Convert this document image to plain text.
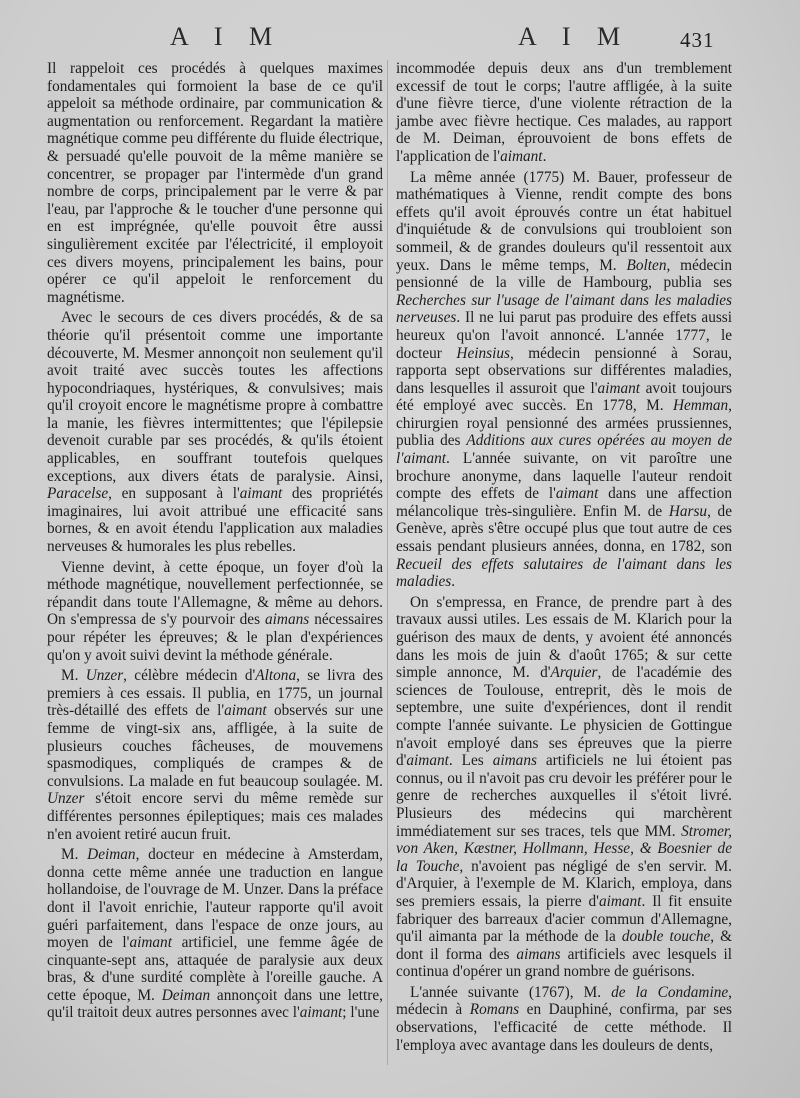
A I M	A I M 431

Il rappeloit ces procédés à quelques maximes fondamentales qui formoient la base de ce qu'il appeloit sa méthode ordinaire, par communication & augmentation ou renforcement. Regardant la matière magnétique comme peu différente du fluide électrique, & persuadé qu'elle pouvoit de la même manière se concentrer, se propager par l'intermède d'un grand nombre de corps, principalement par le verre & par l'eau, par l'approche & le toucher d'une personne qui en est imprégnée, qu'elle pouvoit être aussi singulièrement excitée par l'électricité, il employoit ces divers moyens, principalement les bains, pour opérer ce qu'il appeloit le renforcement du magnétisme.

Avec le secours de ces divers procédés, & de sa théorie qu'il présentoit comme une importante découverte, M. Mesmer annonçoit non seulement qu'il avoit traité avec succès toutes les affections hypocondriaques, hystériques, & convulsives; mais qu'il croyoit encore le magnétisme propre à combattre la manie, les fièvres intermittentes; que l'épilepsie devenoit curable par ses procédés, & qu'ils étoient applicables, en souffrant toutefois quelques exceptions, aux divers états de paralysie. Ainsi, Paracelse, en supposant à l'aimant des propriétés imaginaires, lui avoit attribué une efficacité sans bornes, & en avoit étendu l'application aux maladies nerveuses & humorales les plus rebelles.

Vienne devint, à cette époque, un foyer d'où la méthode magnétique, nouvellement perfectionnée, se répandit dans toute l'Allemagne, & même au dehors. On s'empressa de s'y pourvoir des aimans nécessaires pour répéter les épreuves; & le plan d'expériences qu'on y avoit suivi devint la méthode générale.

M. Unzer, célèbre médecin d'Altona, se livra des premiers à ces essais. Il publia, en 1775, un journal très-détaillé des effets de l'aimant observés sur une femme de vingt-six ans, affligée, à la suite de plusieurs couches fâcheuses, de mouvemens spasmodiques, compliqués de crampes & de convulsions. La malade en fut beaucoup soulagée. M. Unzer s'étoit encore servi du même remède sur différentes personnes épileptiques; mais ces malades n'en avoient retiré aucun fruit.

M. Deiman, docteur en médecine à Amsterdam, donna cette même année une traduction en langue hollandoise, de l'ouvrage de M. Unzer. Dans la préface dont il l'avoit enrichie, l'auteur rapporte qu'il avoit guéri parfaitement, dans l'espace de onze jours, au moyen de l'aimant artificiel, une femme âgée de cinquante-sept ans, attaquée de paralysie aux deux bras, & d'une surdité complète à l'oreille gauche. A cette époque, M. Deiman annonçoit dans une lettre, qu'il traitoit deux autres personnes avec l'aimant; l'une

incommodée depuis deux ans d'un tremblement excessif de tout le corps; l'autre affligée, à la suite d'une fièvre tierce, d'une violente rétraction de la jambe avec fièvre hectique. Ces malades, au rapport de M. Deiman, éprouvoient de bons effets de l'application de l'aimant.

La même année (1775) M. Bauer, professeur de mathématiques à Vienne, rendit compte des bons effets qu'il avoit éprouvés contre un état habituel d'inquiétude & de convulsions qui troubloient son sommeil, & de grandes douleurs qu'il ressentoit aux yeux. Dans le même temps, M. Bolten, médecin pensionné de la ville de Hambourg, publia ses Recherches sur l'usage de l'aimant dans les maladies nerveuses. Il ne lui parut pas produire des effets aussi heureux qu'on l'avoit annoncé. L'année 1777, le docteur Heinsius, médecin pensionné à Sorau, rapporta sept observations sur différentes maladies, dans lesquelles il assuroit que l'aimant avoit toujours été employé avec succès. En 1778, M. Hemman, chirurgien royal pensionné des armées prussiennes, publia des Additions aux cures opérées au moyen de l'aimant. L'année suivante, on vit paroître une brochure anonyme, dans laquelle l'auteur rendoit compte des effets de l'aimant dans une affection mélancolique très-singulière. Enfin M. de Harsu, de Genève, après s'être occupé plus que tout autre de ces essais pendant plusieurs années, donna, en 1782, son Recueil des effets salutaires de l'aimant dans les maladies.

On s'empressa, en France, de prendre part à des travaux aussi utiles. Les essais de M. Klarich pour la guérison des maux de dents, y avoient été annoncés dans les mois de juin & d'août 1765; & sur cette simple annonce, M. d'Arquier, de l'académie des sciences de Toulouse, entreprit, dès le mois de septembre, une suite d'expériences, dont il rendit compte l'année suivante. Le physicien de Gottingue n'avoit employé dans ses épreuves que la pierre d'aimant. Les aimans artificiels ne lui étoient pas connus, ou il n'avoit pas cru devoir les préférer pour le genre de recherches auxquelles il s'étoit livré. Plusieurs des médecins qui marchèrent immédiatement sur ses traces, tels que MM. Stromer, von Aken, Kæstner, Hollmann, Hesse, & Boesnier de la Touche, n'avoient pas négligé de s'en servir. M. d'Arquier, à l'exemple de M. Klarich, employa, dans ses premiers essais, la pierre d'aimant. Il fit ensuite fabriquer des barreaux d'acier commun d'Allemagne, qu'il aimanta par la méthode de la double touche, & dont il forma des aimans artificiels avec lesquels il continua d'opérer un grand nombre de guérisons.

L'année suivante (1767), M. de la Condamine, médecin à Romans en Dauphiné, confirma, par ses observations, l'efficacité de cette méthode. Il l'employa avec avantage dans les douleurs de dents,
